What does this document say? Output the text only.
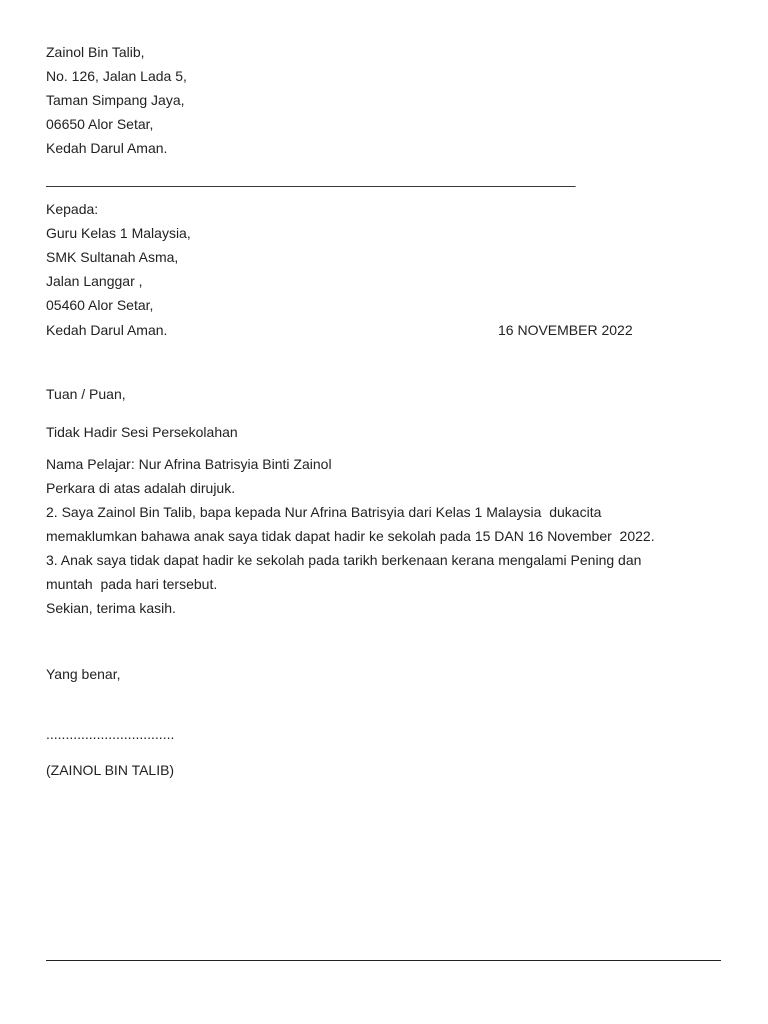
Zainol Bin Talib,
No. 126, Jalan Lada 5,
Taman Simpang Jaya,
06650 Alor Setar,
Kedah Darul Aman.
____________________________________________________________________
Kepada:
Guru Kelas 1 Malaysia,
SMK Sultanah Asma,
Jalan Langgar ,
05460 Alor Setar,
Kedah Darul Aman.	16 NOVEMBER 2022
Tuan / Puan,
Tidak Hadir Sesi Persekolahan
Nama Pelajar: Nur Afrina Batrisyia Binti Zainol
Perkara di atas adalah dirujuk.
2. Saya Zainol Bin Talib, bapa kepada Nur Afrina Batrisyia dari Kelas 1 Malaysia  dukacita
memaklumkan bahawa anak saya tidak dapat hadir ke sekolah pada 15 DAN 16 November  2022.
3. Anak saya tidak dapat hadir ke sekolah pada tarikh berkenaan kerana mengalami Pening dan
muntah  pada hari tersebut.
Sekian, terima kasih.
Yang benar,
.................................
(ZAINOL BIN TALIB)
